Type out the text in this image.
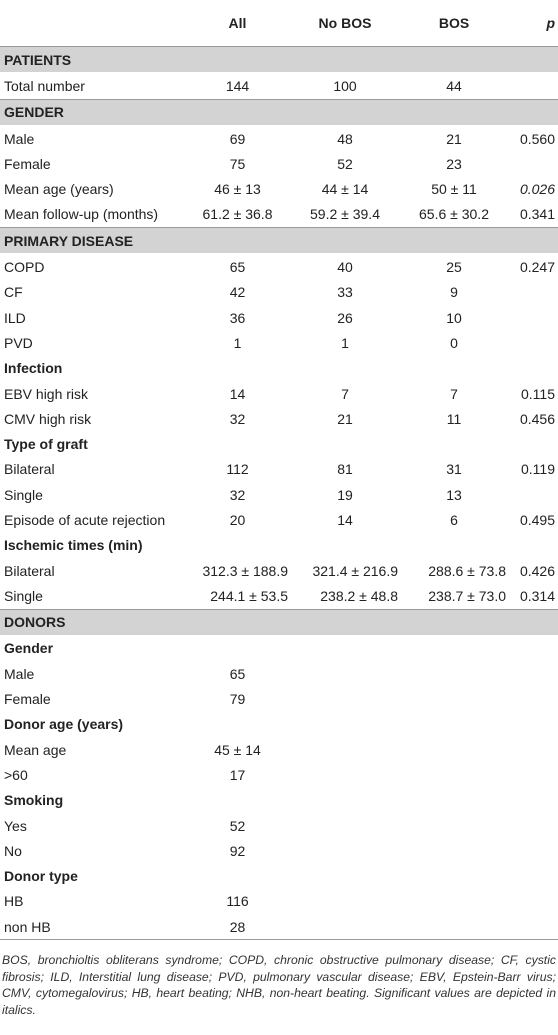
	All	No BOS	BOS	p
PATIENTS				
Total number	144	100	44	
GENDER				
Male	69	48	21	0.560
Female	75	52	23	
Mean age (years)	46 ± 13	44 ± 14	50 ± 11	0.026
Mean follow-up (months)	61.2 ± 36.8	59.2 ± 39.4	65.6 ± 30.2	0.341
PRIMARY DISEASE				
COPD	65	40	25	0.247
CF	42	33	9	
ILD	36	26	10	
PVD	1	1	0	
Infection				
EBV high risk	14	7	7	0.115
CMV high risk	32	21	11	0.456
Type of graft				
Bilateral	112	81	31	0.119
Single	32	19	13	
Episode of acute rejection	20	14	6	0.495
Ischemic times (min)				
Bilateral	312.3 ± 188.9	321.4 ± 216.9	288.6 ± 73.8	0.426
Single	244.1 ± 53.5	238.2 ± 48.8	238.7 ± 73.0	0.314
DONORS				
Gender				
Male	65			
Female	79			
Donor age (years)				
Mean age	45 ± 14			
>60	17			
Smoking				
Yes	52			
No	92			
Donor type				
HB	116			
non HB	28			
BOS, bronchioltis obliterans syndrome; COPD, chronic obstructive pulmonary disease; CF, cystic fibrosis; ILD, Interstitial lung disease; PVD, pulmonary vascular disease; EBV, Epstein-Barr virus; CMV, cytomegalovirus; HB, heart beating; NHB, non-heart beating. Significant values are depicted in italics.
